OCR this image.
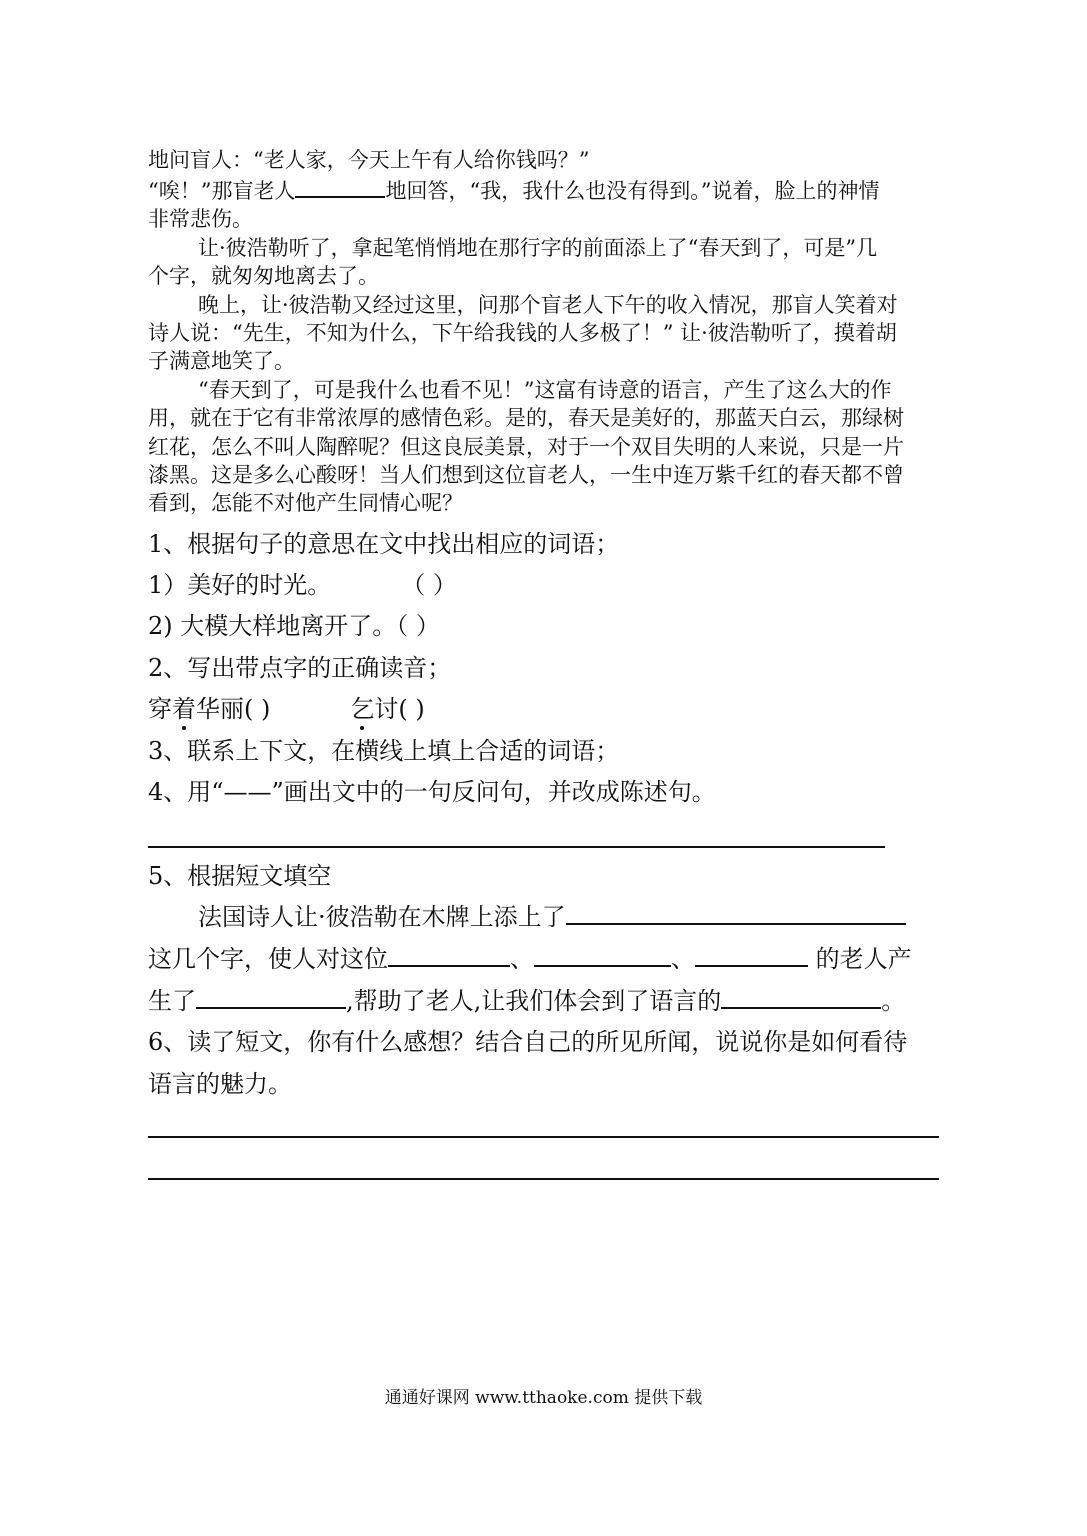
地问盲人：“老人家，今天上午有人给你钱吗？”
“唉！”那盲老人	地回答，“我，我什么也没有得到。”说着，脸上的神情
非常悲伤。
让·彼浩勒听了，拿起笔悄悄地在那行字的前面添上了“春天到了，可是”几
个字，就匆匆地离去了。
晚上，让·彼浩勒又经过这里，问那个盲老人下午的收入情况，那盲人笑着对
诗人说：“先生，不知为什么，下午给我钱的人多极了！” 让·彼浩勒听了，摸着胡
子满意地笑了。
“春天到了，可是我什么也看不见！”这富有诗意的语言，产生了这么大的作
用，就在于它有非常浓厚的感情色彩。是的，春天是美好的，那蓝天白云，那绿树
红花，怎么不叫人陶醉呢？但这良辰美景，对于一个双目失明的人来说，只是一片
漆黑。这是多么心酸呀！当人们想到这位盲老人，一生中连万紫千红的春天都不曾
看到，怎能不对他产生同情心呢？
1、根据句子的意思在文中找出相应的词语；
1）美好的时光。	（ ）
2) 大模大样地离开了。（ ）
2、写出带点字的正确读音；
穿着华丽( )	乞讨( )
3、联系上下文，在横线上填上合适的词语；
4、用“——”画出文中的一句反问句，并改成陈述句。
5、根据短文填空
法国诗人让·彼浩勒在木牌上添上了
这几个字，使人对这位	、	、	的老人产
生了	,帮助了老人,让我们体会到了语言的	。
6、读了短文，你有什么感想？结合自己的所见所闻，说说你是如何看待
语言的魅力。
通通好课网 www.tthaoke.com 提供下载
